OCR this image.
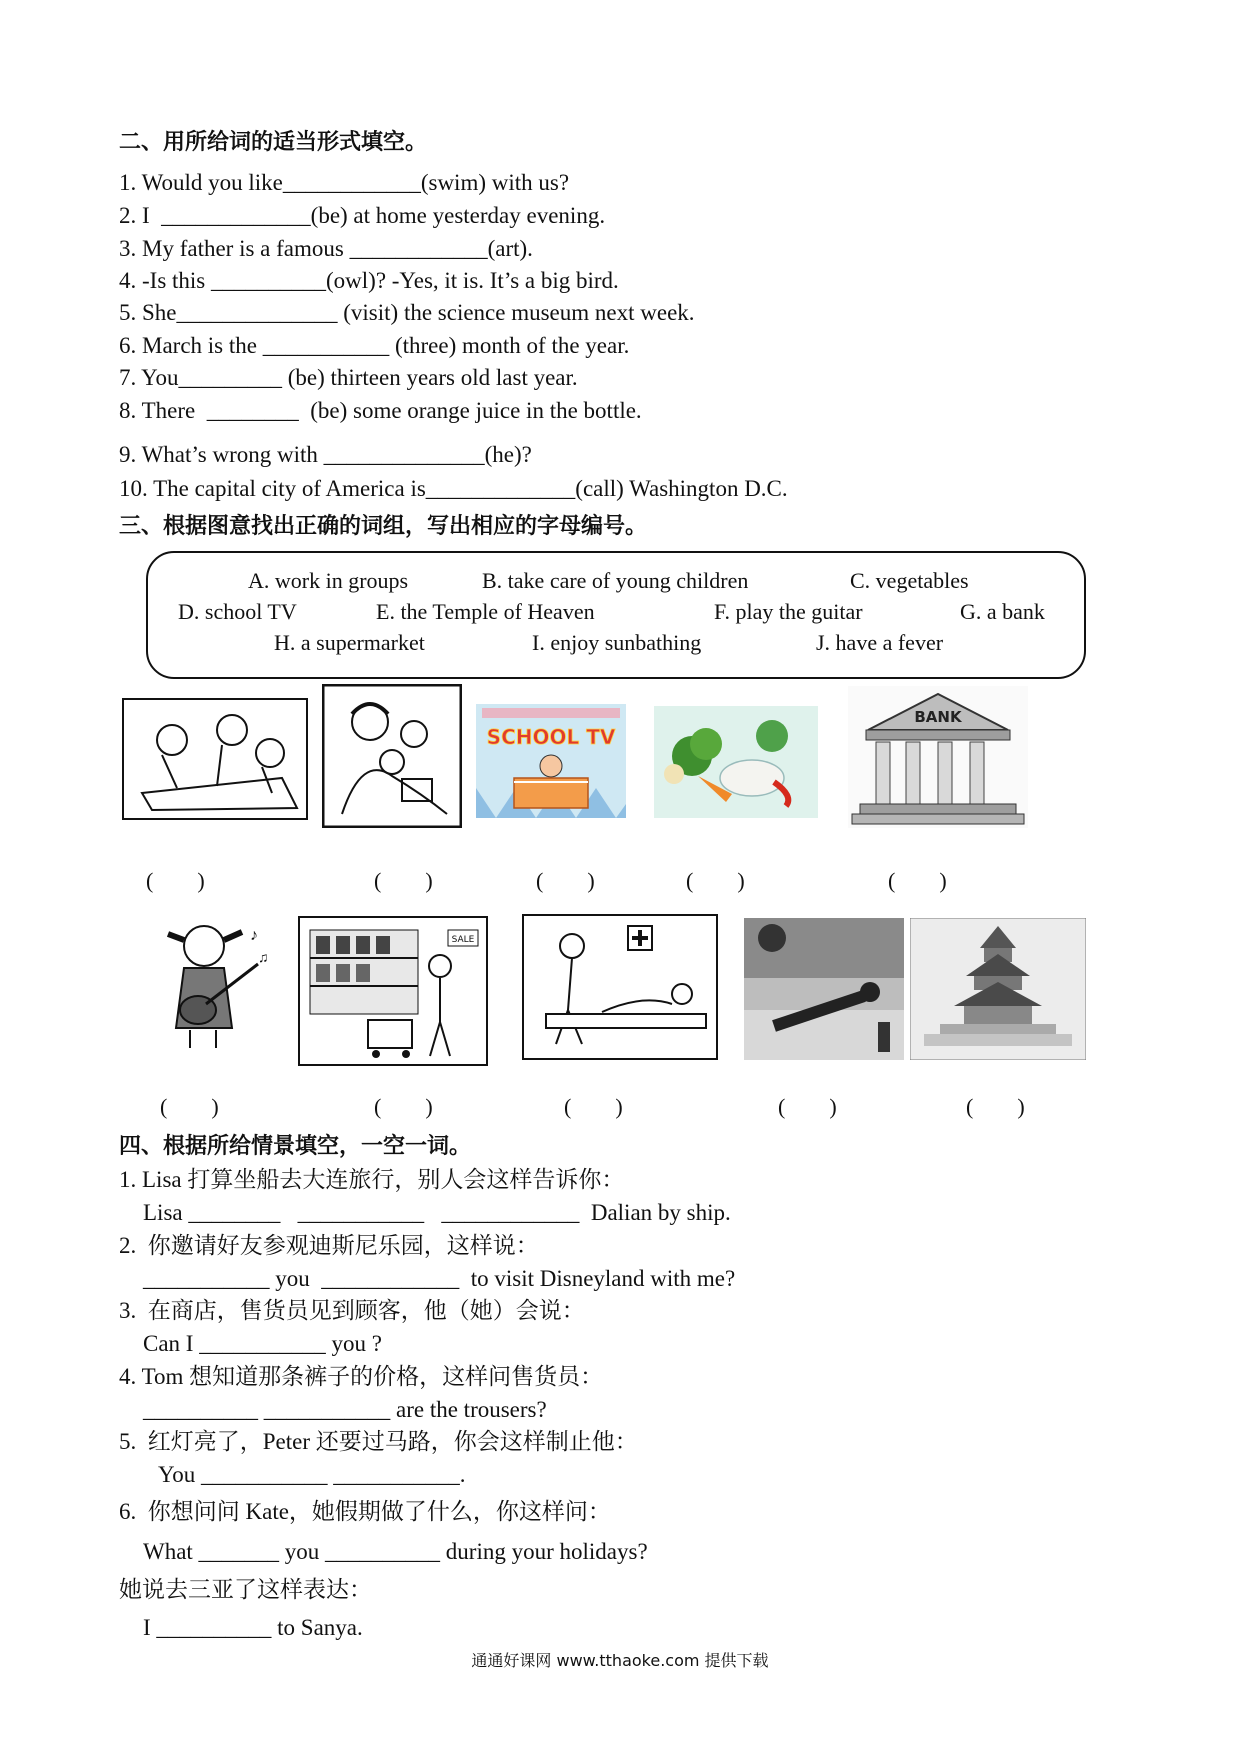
二、用所给词的适当形式填空。
1. Would you like____________(swim) with us?
2. I  _____________(be) at home yesterday evening.
3. My father is a famous ____________(art).
4. -Is this __________(owl)? -Yes, it is. It’s a big bird.
5. She______________ (visit) the science museum next week.
6. March is the ___________ (three) month of the year.
7. You_________ (be) thirteen years old last year.
8. There  ________  (be) some orange juice in the bottle.
9. What’s wrong with ______________(he)?
10. The capital city of America is_____________(call) Washington D.C.
三、根据图意找出正确的词组，写出相应的字母编号。
A. work in groups	B. take care of young children	C. vegetables
D. school TV	E. the Temple of Heaven	F. play the guitar	G. a bank
H. a supermarket	I. enjoy sunbathing	J. have a fever
SCHOOL TV
BANK
(        )	(        )	(        )	(        )	(        )
♪
♫
SALE
(        )	(        )	(        )	(        )	(        )
四、根据所给情景填空，一空一词。
1. Lisa 打算坐船去大连旅行，别人会这样告诉你：
Lisa ________   ___________   ____________  Dalian by ship.
2.  你邀请好友参观迪斯尼乐园，这样说：
___________ you  ____________  to visit Disneyland with me?
3.  在商店，售货员见到顾客，他（她）会说：
Can I ___________ you ?
4. Tom 想知道那条裤子的价格，这样问售货员：
__________ ___________ are the trousers?
5.  红灯亮了，Peter 还要过马路，你会这样制止他：
You ___________ ___________.
6.  你想问问 Kate，她假期做了什么，你这样问：
What _______ you __________ during your holidays?
她说去三亚了这样表达：
I __________ to Sanya.
通通好课网 www.tthaoke.com 提供下载
